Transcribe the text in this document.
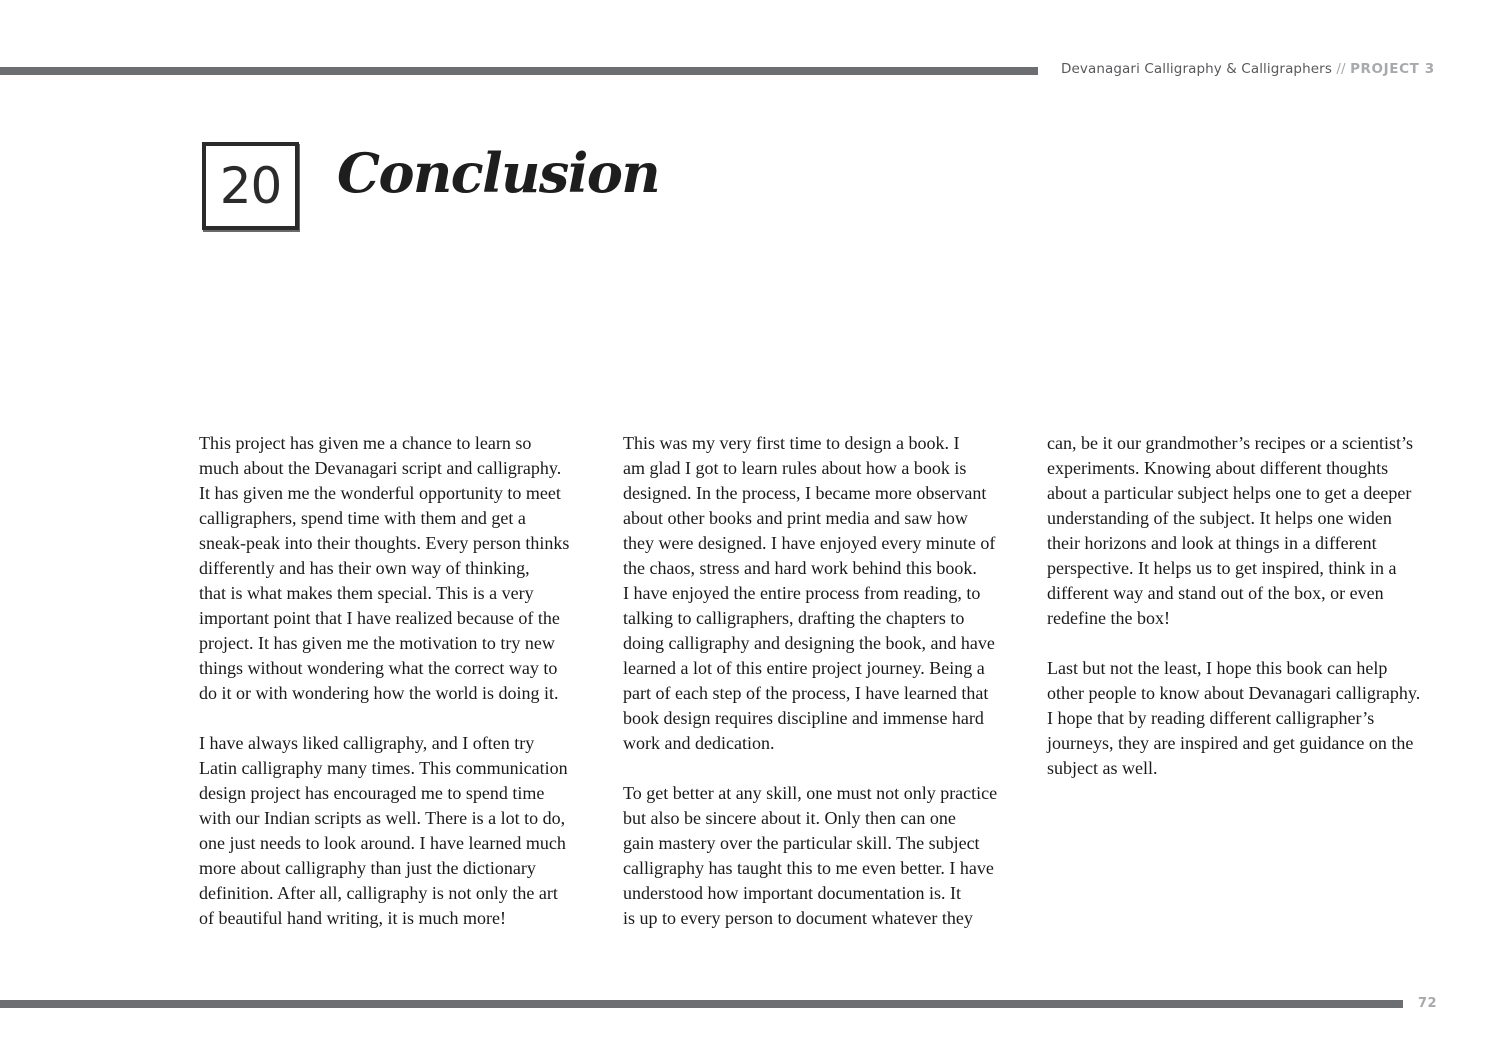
Devanagari Calligraphy & Calligraphers // PROJECT 3
20 Conclusion

This project has given me a chance to learn so
much about the Devanagari script and calligraphy.
It has given me the wonderful opportunity to meet
calligraphers, spend time with them and get a
sneak-peak into their thoughts. Every person thinks
differently and has their own way of thinking,
that is what makes them special. This is a very
important point that I have realized because of the
project. It has given me the motivation to try new
things without wondering what the correct way to
do it or with wondering how the world is doing it.

I have always liked calligraphy, and I often try
Latin calligraphy many times. This communication
design project has encouraged me to spend time
with our Indian scripts as well. There is a lot to do,
one just needs to look around. I have learned much
more about calligraphy than just the dictionary
definition. After all, calligraphy is not only the art
of beautiful hand writing, it is much more!

This was my very first time to design a book. I
am glad I got to learn rules about how a book is
designed. In the process, I became more observant
about other books and print media and saw how
they were designed. I have enjoyed every minute of
the chaos, stress and hard work behind this book.
I have enjoyed the entire process from reading, to
talking to calligraphers, drafting the chapters to
doing calligraphy and designing the book, and have
learned a lot of this entire project journey. Being a
part of each step of the process, I have learned that
book design requires discipline and immense hard
work and dedication.

To get better at any skill, one must not only practice
but also be sincere about it. Only then can one
gain mastery over the particular skill. The subject
calligraphy has taught this to me even better. I have
understood how important documentation is. It
is up to every person to document whatever they

can, be it our grandmother’s recipes or a scientist’s
experiments. Knowing about different thoughts
about a particular subject helps one to get a deeper
understanding of the subject. It helps one widen
their horizons and look at things in a different
perspective. It helps us to get inspired, think in a
different way and stand out of the box, or even
redefine the box!

Last but not the least, I hope this book can help
other people to know about Devanagari calligraphy.
I hope that by reading different calligrapher’s
journeys, they are inspired and get guidance on the
subject as well.

72
